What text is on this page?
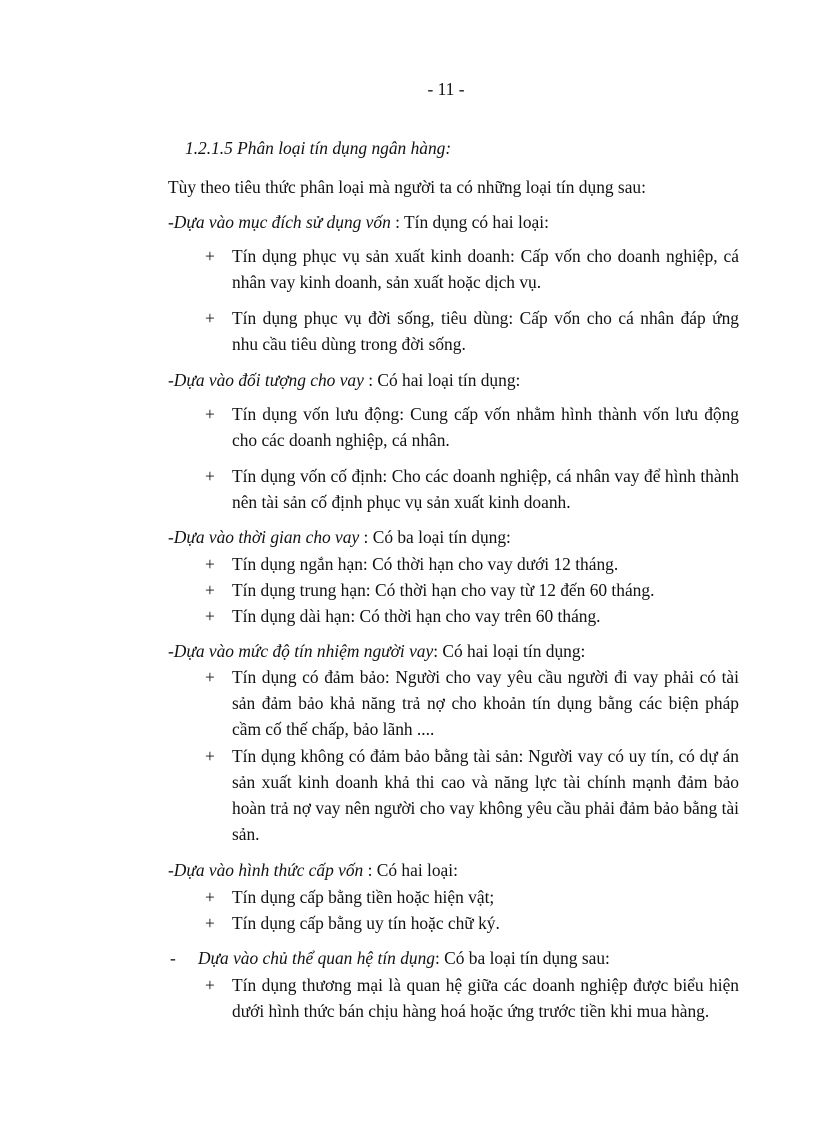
- 11 -
1.2.1.5 Phân loại tín dụng ngân hàng:
Tùy theo tiêu thức phân loại mà người ta có những loại tín dụng sau:
-Dựa vào mục đích sử dụng vốn : Tín dụng có hai loại:
+ Tín dụng phục vụ sản xuất kinh doanh: Cấp vốn cho doanh nghiệp, cá nhân vay kinh doanh, sản xuất hoặc dịch vụ.
+ Tín dụng phục vụ đời sống, tiêu dùng: Cấp vốn cho cá nhân đáp ứng nhu cầu tiêu dùng trong đời sống.
-Dựa vào đối tượng cho vay : Có hai loại tín dụng:
+ Tín dụng vốn lưu động: Cung cấp vốn nhằm hình thành vốn lưu động cho các doanh nghiệp, cá nhân.
+ Tín dụng vốn cố định: Cho các doanh nghiệp, cá nhân vay để hình thành nên tài sản cố định phục vụ sản xuất kinh doanh.
-Dựa vào thời gian cho vay : Có ba loại tín dụng:
+ Tín dụng ngắn hạn: Có thời hạn cho vay dưới 12 tháng.
+ Tín dụng trung hạn: Có thời hạn cho vay từ 12 đến 60 tháng.
+ Tín dụng dài hạn: Có thời hạn cho vay trên 60 tháng.
-Dựa vào mức độ tín nhiệm người vay: Có hai loại tín dụng:
+ Tín dụng có đảm bảo: Người cho vay yêu cầu người đi vay phải có tài sản đảm bảo khả năng trả nợ cho khoản tín dụng bằng các biện pháp cầm cố thế chấp, bảo lãnh ....
+ Tín dụng không có đảm bảo bằng tài sản: Người vay có uy tín, có dự án sản xuất kinh doanh khả thi cao và năng lực tài chính mạnh đảm bảo hoàn trả nợ vay nên người cho vay không yêu cầu phải đảm bảo bằng tài sản.
-Dựa vào hình thức cấp vốn : Có hai loại:
+ Tín dụng cấp bằng tiền hoặc hiện vật;
+ Tín dụng cấp bằng uy tín hoặc chữ ký.
- Dựa vào chủ thể quan hệ tín dụng: Có ba loại tín dụng sau:
+ Tín dụng thương mại là quan hệ giữa các doanh nghiệp được biểu hiện dưới hình thức bán chịu hàng hoá hoặc ứng trước tiền khi mua hàng.
